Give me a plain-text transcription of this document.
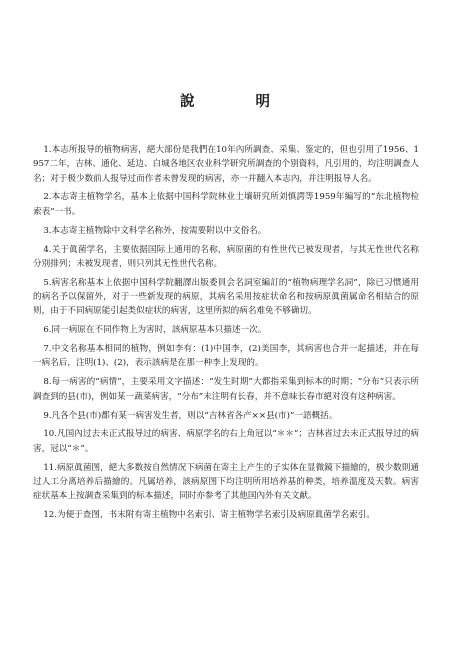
說 明

1.本志所报导的植物病害，絕大部份是我們在10年內所調查、采集、鉴定的，但也引用了1956、1957二年，吉林、通化、延边、白城各地区农业科学研究所調查的个别資料，凡引用的，均注明調查人名；对于极少数前人报导过而作者未曾发现的病害，亦一并翻入本志內，并注明报导人名。

2.本志寄主植物学名，基本上依据中国科学院林业土壤研究所刘慎諤等1959年編写的“东北植物检索表”一书。

3.本志寄主植物除中文科学名称外，按需要附以中文俗名。

4.关于眞菌学名，主要依据国际上通用的名称，病原菌的有性世代已被发现者，与其无性世代名称分別排列；未被发现者，则只列其无性世代名称。

5.病害名称基本上依据中国科学院翻譯出版委員会名詞室編訂的“植物病理学名詞”，除已习惯通用的病名予以保留外，对于一些新发现的病原，其病名采用按症状命名和按病原眞菌属命名相結合的原则，由于不同病原能引起类似症状的病害，这里所拟的病名难免不够确切。

6.同一病原在不同作物上为害时，該病原基本只描述一次。

7.中文名称基本相同的植物，例如李有：(1)中国李，(2)美国李，其病害也合并一起描述，并在每一病名后，注明(1)、(2)，表示該病是在那一种李上发现的。

8.每一病害的“病情”，主要采用文字描述：“发生时期”大都指采集到标本的时期；“分布”只表示所調查到的县(市)，例如某一蔬菜病害，“分布”未注明有长春，并不意味长春市絕对沒有这种病害。

9.凡各个县(市)都有某一病害发生者，则以“吉林省各产××县(市)”一語概括。

10.凡国內过去未正式报导过的病害、病原学名的右上角冠以“＊＊”；吉林省过去未正式报导过的病害，冠以“＊”。

11.病原眞菌图，絕大多数按自然情况下病菌在寄主上产生的子实体在显微鏡下描繪的，极少数則通过人工分离培养后描繪的。凡属培养，該病原图下均注明所用培养基的种类，培养溫度及天数。病害症状基本上按調查采集到的标本描述，同时亦参考了其他国內外有关文献。

12.为便于查图，书末附有寄主植物中名索引、寄主植物学名索引及病原眞菌学名索引。
